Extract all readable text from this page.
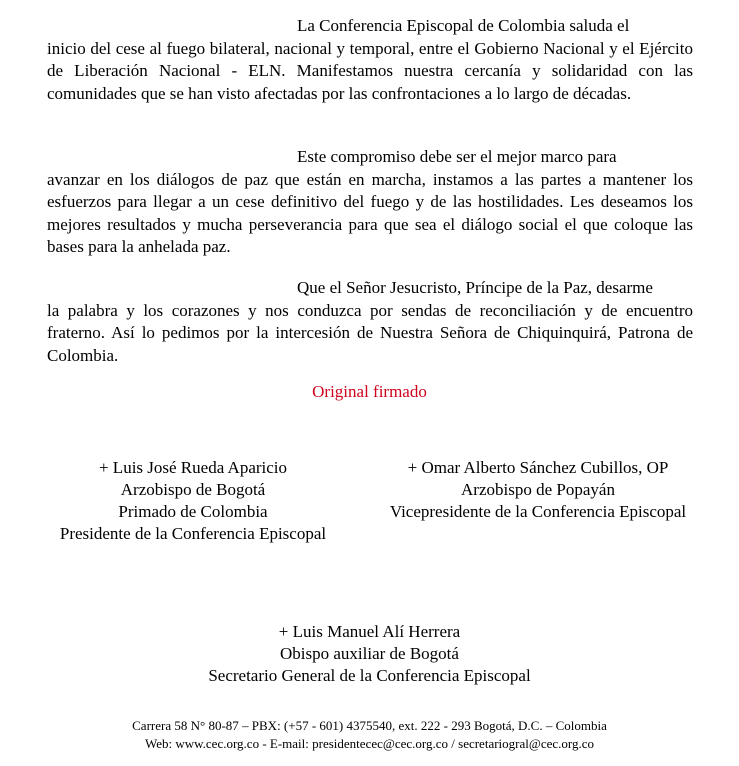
La Conferencia Episcopal de Colombia saluda el
inicio del cese al fuego bilateral, nacional y temporal, entre el Gobierno Nacional y el Ejército de Liberación Nacional - ELN. Manifestamos nuestra cercanía y solidaridad con las comunidades que se han visto afectadas por las confrontaciones a lo largo de décadas.

Este compromiso debe ser el mejor marco para
avanzar en los diálogos de paz que están en marcha, instamos a las partes a mantener los esfuerzos para llegar a un cese definitivo del fuego y de las hostilidades. Les deseamos los mejores resultados y mucha perseverancia para que sea el diálogo social el que coloque las bases para la anhelada paz.

Que el Señor Jesucristo, Príncipe de la Paz, desarme
la palabra y los corazones y nos conduzca por sendas de reconciliación y de encuentro fraterno. Así lo pedimos por la intercesión de Nuestra Señora de Chiquinquirá, Patrona de Colombia.

Original firmado
+ Luis José Rueda Aparicio
Arzobispo de Bogotá
Primado de Colombia
Presidente de la Conferencia Episcopal
+ Omar Alberto Sánchez Cubillos, OP
Arzobispo de Popayán
Vicepresidente de la Conferencia Episcopal
+ Luis Manuel Alí Herrera
Obispo auxiliar de Bogotá
Secretario General de la Conferencia Episcopal
Carrera 58 N° 80-87 – PBX: (+57 - 601) 4375540, ext. 222 - 293 Bogotá, D.C. – Colombia
Web: www.cec.org.co - E-mail: presidentecec@cec.org.co / secretariogral@cec.org.co
